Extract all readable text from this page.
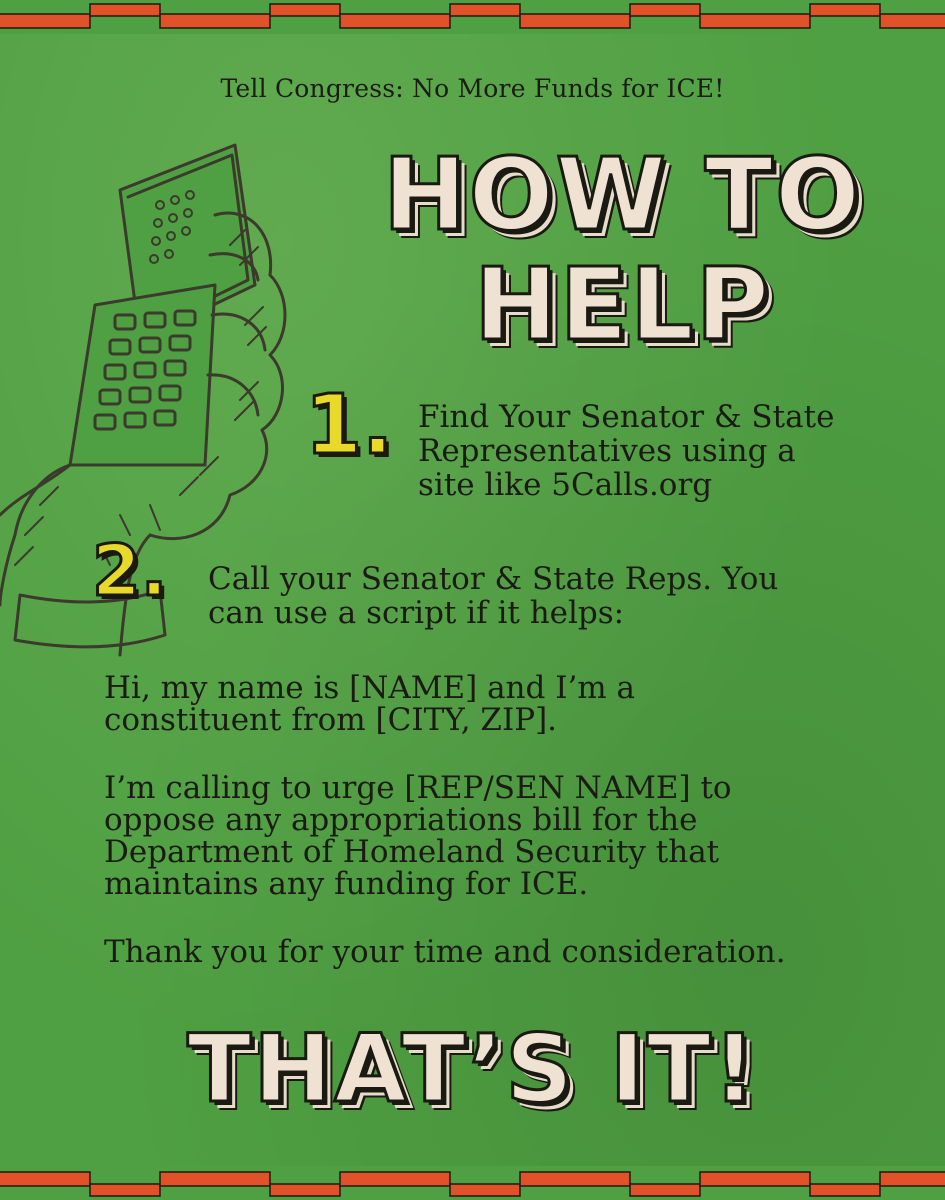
Tell Congress: No More Funds for ICE!
HOW TO
HELP
1. Find Your Senator & State
Representatives using a
site like 5Calls.org
2. Call your Senator & State Reps. You
can use a script if it helps:

Hi, my name is [NAME] and I’m a
constituent from [CITY, ZIP].

I’m calling to urge [REP/SEN NAME] to
oppose any appropriations bill for the
Department of Homeland Security that
maintains any funding for ICE.

Thank you for your time and consideration.

THAT’S IT!
